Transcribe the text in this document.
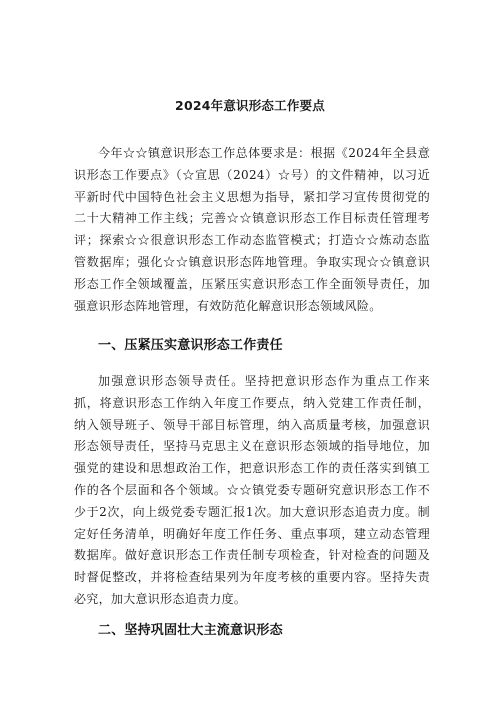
2024年意识形态工作要点

今年☆☆镇意识形态工作总体要求是：根据《2024年全县意识形态工作要点》（☆宣思（2024）☆号）的文件精神，以习近平新时代中国特色社会主义思想为指导，紧扣学习宣传贯彻党的二十大精神工作主线；完善☆☆镇意识形态工作目标责任管理考评；探索☆☆很意识形态工作动态监管模式；打造☆☆炼动态监管数据库；强化☆☆镇意识形态阵地管理。争取实现☆☆镇意识形态工作全领域覆盖，压紧压实意识形态工作全面领导责任，加强意识形态阵地管理，有效防范化解意识形态领域风险。

一、压紧压实意识形态工作责任

加强意识形态领导责任。坚持把意识形态作为重点工作来抓，将意识形态工作纳入年度工作要点，纳入党建工作责任制，纳入领导班子、领导干部目标管理，纳入高质量考核，加强意识形态领导责任，坚持马克思主义在意识形态领域的指导地位，加强党的建设和思想政治工作，把意识形态工作的责任落实到镇工作的各个层面和各个领域。☆☆镇党委专题研究意识形态工作不少于2次，向上级党委专题汇报1次。加大意识形态追责力度。制定好任务清单，明确好年度工作任务、重点事项，建立动态管理数据库。做好意识形态工作责任制专项检查，针对检查的问题及时督促整改，并将检查结果列为年度考核的重要内容。坚持失责必究，加大意识形态追责力度。

二、坚持巩固壮大主流意识形态
